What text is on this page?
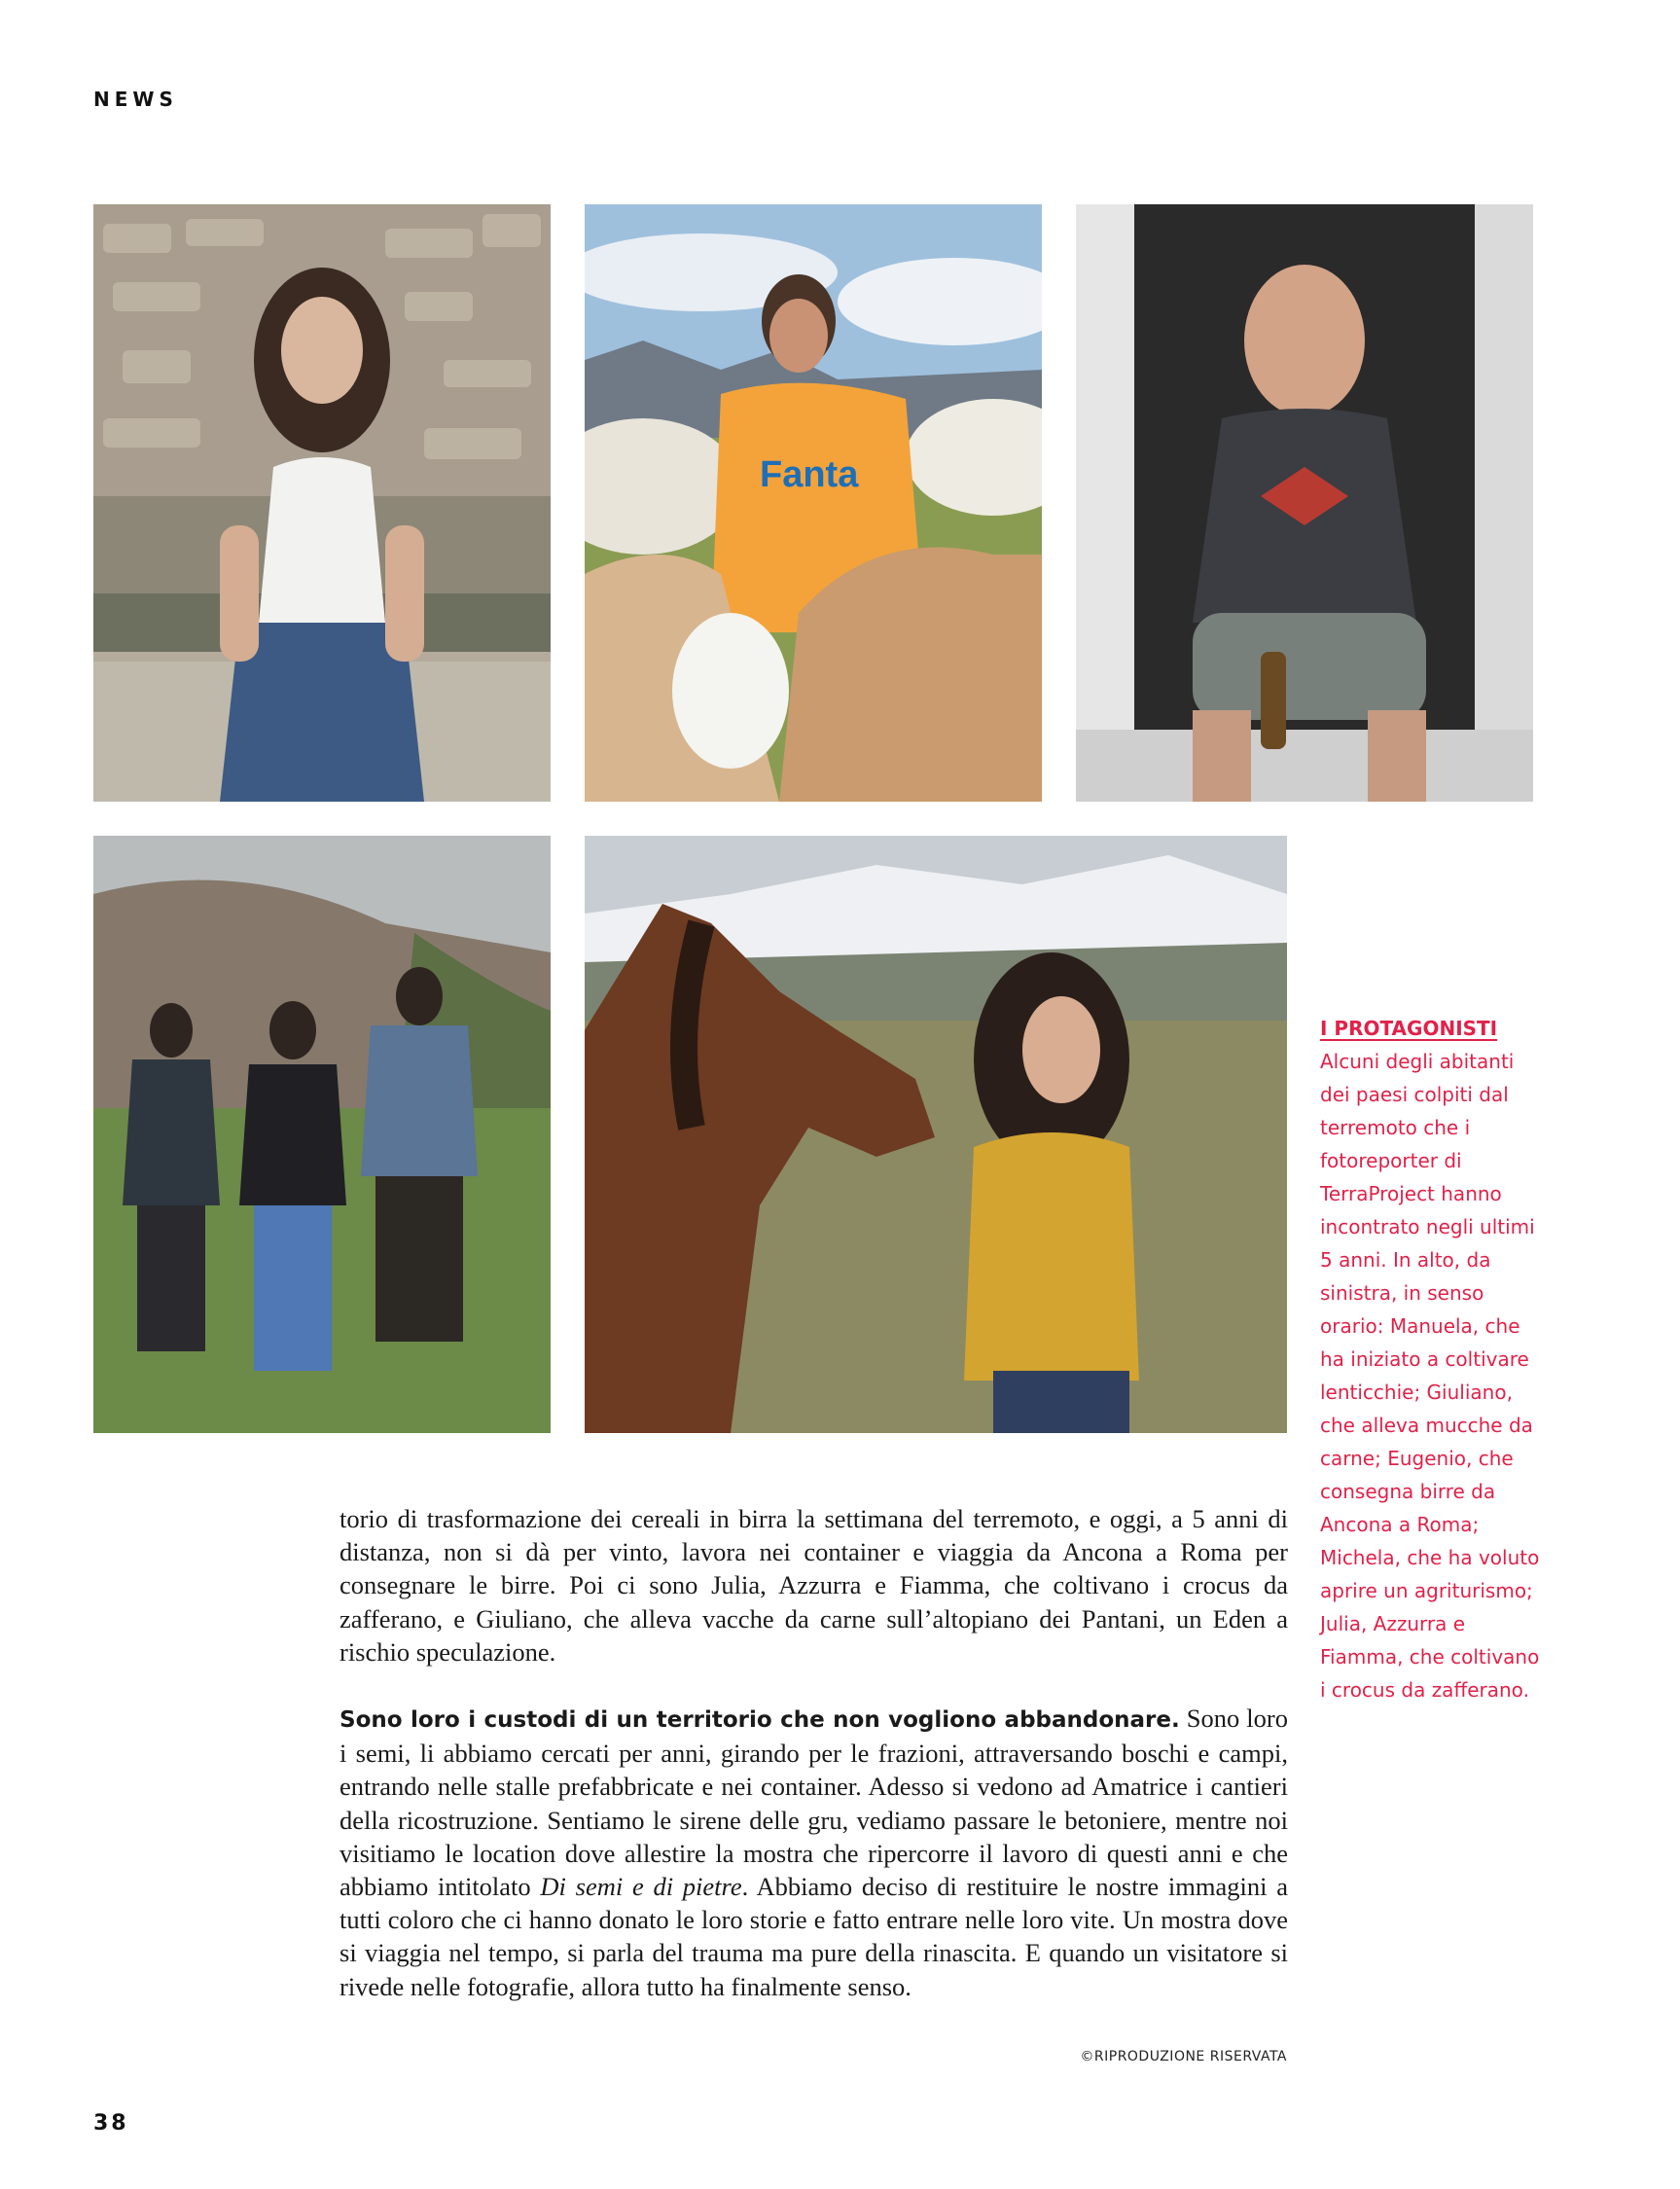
NEWS
Fanta
I PROTAGONISTI
Alcuni degli abitanti dei paesi colpiti dal terremoto che i fotoreporter di TerraProject hanno incontrato negli ultimi 5 anni. In alto, da sinistra, in senso orario: Manuela, che ha iniziato a coltivare lenticchie; Giuliano, che alleva mucche da carne; Eugenio, che consegna birre da Ancona a Roma; Michela, che ha voluto aprire un agriturismo; Julia, Azzurra e Fiamma, che coltivano i crocus da zafferano.

torio di trasformazione dei cereali in birra la settimana del terremoto, e oggi, a 5 anni di distanza, non si dà per vinto, lavora nei container e viaggia da Ancona a Roma per consegnare le birre. Poi ci sono Julia, Azzurra e Fiamma, che coltivano i crocus da zafferano, e Giuliano, che alleva vacche da carne sull’altopiano dei Pantani, un Eden a rischio speculazione.

Sono loro i custodi di un territorio che non vogliono abbandonare. Sono loro i semi, li abbiamo cercati per anni, girando per le frazioni, attraversando boschi e campi, entrando nelle stalle prefabbricate e nei container. Adesso si vedono ad Amatrice i cantieri della ricostruzione. Sentiamo le sirene delle gru, vediamo passare le betoniere, mentre noi visitiamo le location dove allestire la mostra che ripercorre il lavoro di questi anni e che abbiamo intitolato Di semi e di pietre. Abbiamo deciso di restituire le nostre immagini a tutti coloro che ci hanno donato le loro storie e fatto entrare nelle loro vite. Un mostra dove si viaggia nel tempo, si parla del trauma ma pure della rinascita. E quando un visitatore si rivede nelle fotografie, allora tutto ha finalmente senso.

©RIPRODUZIONE RISERVATA
38
